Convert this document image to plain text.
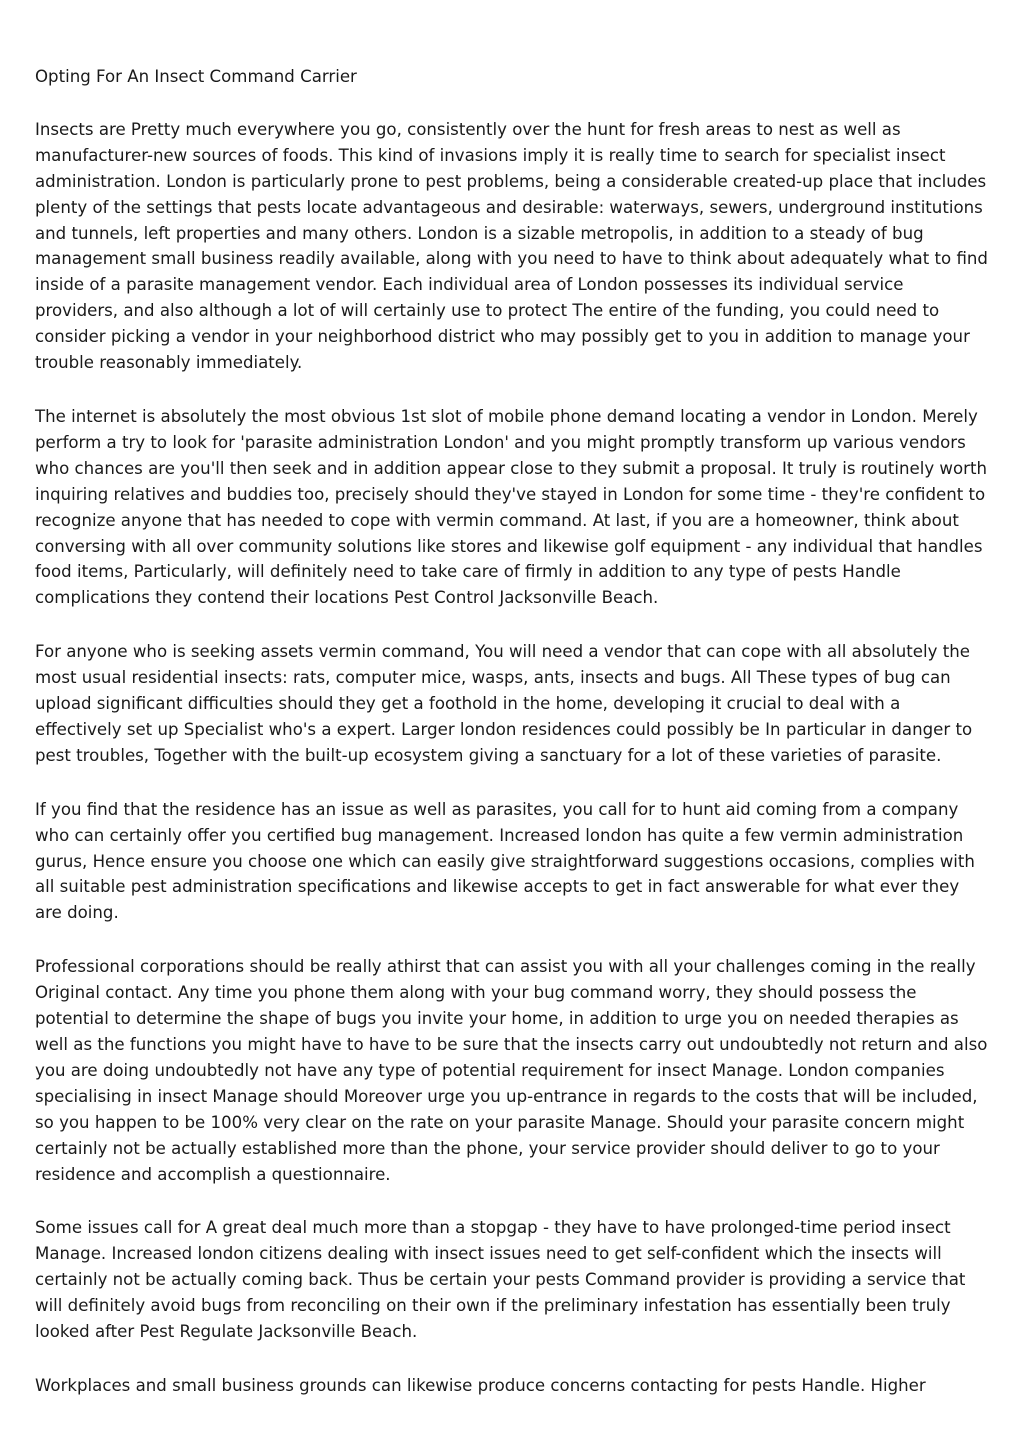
Opting For An Insect Command Carrier

Insects are Pretty much everywhere you go, consistently over the hunt for fresh areas to nest as well as manufacturer-new sources of foods. This kind of invasions imply it is really time to search for specialist insect administration. London is particularly prone to pest problems, being a considerable created-up place that includes plenty of the settings that pests locate advantageous and desirable: waterways, sewers, underground institutions and tunnels, left properties and many others. London is a sizable metropolis, in addition to a steady of bug management small business readily available, along with you need to have to think about adequately what to find inside of a parasite management vendor. Each individual area of London possesses its individual service providers, and also although a lot of will certainly use to protect The entire of the funding, you could need to consider picking a vendor in your neighborhood district who may possibly get to you in addition to manage your trouble reasonably immediately.

The internet is absolutely the most obvious 1st slot of mobile phone demand locating a vendor in London. Merely perform a try to look for 'parasite administration London' and you might promptly transform up various vendors who chances are you'll then seek and in addition appear close to they submit a proposal. It truly is routinely worth inquiring relatives and buddies too, precisely should they've stayed in London for some time - they're confident to recognize anyone that has needed to cope with vermin command. At last, if you are a homeowner, think about conversing with all over community solutions like stores and likewise golf equipment - any individual that handles food items, Particularly, will definitely need to take care of firmly in addition to any type of pests Handle complications they contend their locations Pest Control Jacksonville Beach.

For anyone who is seeking assets vermin command, You will need a vendor that can cope with all absolutely the most usual residential insects: rats, computer mice, wasps, ants, insects and bugs. All These types of bug can upload significant difficulties should they get a foothold in the home, developing it crucial to deal with a effectively set up Specialist who's a expert. Larger london residences could possibly be In particular in danger to pest troubles, Together with the built-up ecosystem giving a sanctuary for a lot of these varieties of parasite.

If you find that the residence has an issue as well as parasites, you call for to hunt aid coming from a company who can certainly offer you certified bug management. Increased london has quite a few vermin administration gurus, Hence ensure you choose one which can easily give straightforward suggestions occasions, complies with all suitable pest administration specifications and likewise accepts to get in fact answerable for what ever they are doing.

Professional corporations should be really athirst that can assist you with all your challenges coming in the really Original contact. Any time you phone them along with your bug command worry, they should possess the potential to determine the shape of bugs you invite your home, in addition to urge you on needed therapies as well as the functions you might have to have to be sure that the insects carry out undoubtedly not return and also you are doing undoubtedly not have any type of potential requirement for insect Manage. London companies specialising in insect Manage should Moreover urge you up-entrance in regards to the costs that will be included, so you happen to be 100% very clear on the rate on your parasite Manage. Should your parasite concern might certainly not be actually established more than the phone, your service provider should deliver to go to your residence and accomplish a questionnaire.

Some issues call for A great deal much more than a stopgap - they have to have prolonged-time period insect Manage. Increased london citizens dealing with insect issues need to get self-confident which the insects will certainly not be actually coming back. Thus be certain your pests Command provider is providing a service that will definitely avoid bugs from reconciling on their own if the preliminary infestation has essentially been truly looked after Pest Regulate Jacksonville Beach.

Workplaces and small business grounds can likewise produce concerns contacting for pests Handle. Higher
